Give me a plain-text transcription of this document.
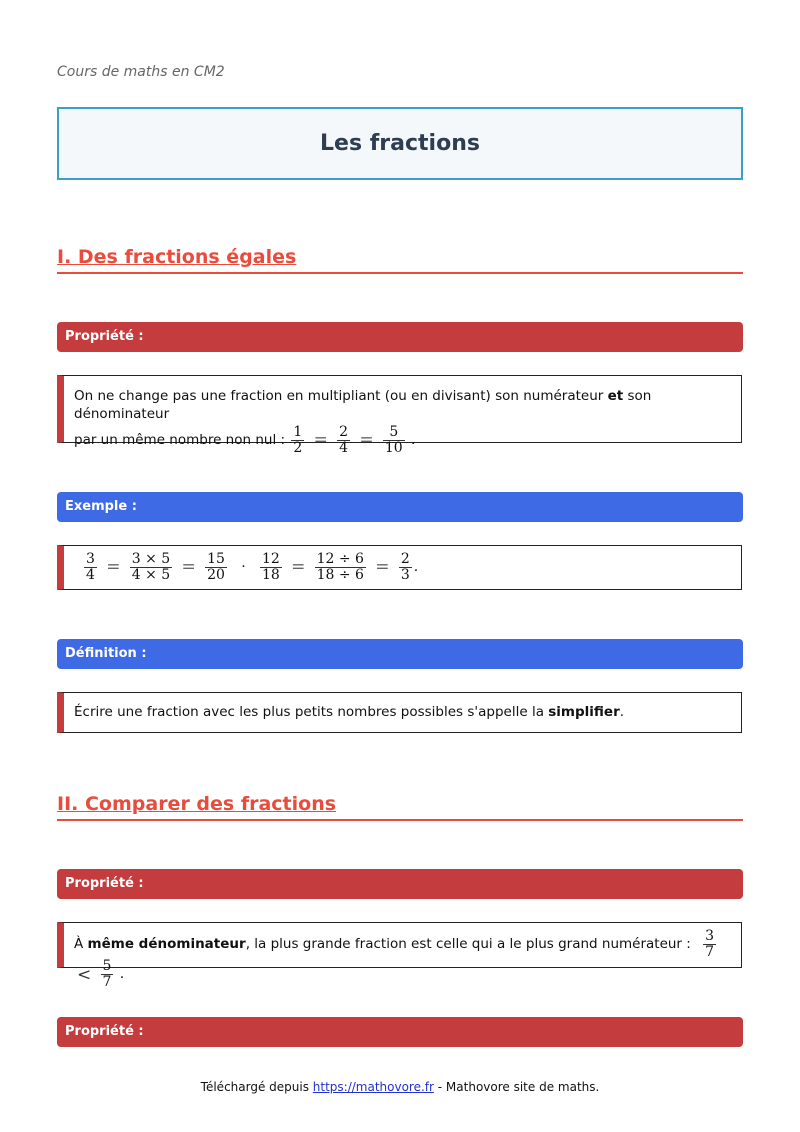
Cours de maths en CM2
Les fractions
I. Des fractions égales
Propriété :
On ne change pas une fraction en multipliant (ou en divisant) son numérateur et son dénominateur
par un même nombre non nul : $\frac{1}{2} = \frac{2}{4} = \frac{5}{10}$ .
Exemple :
$\frac{3}{4} = \frac{3 \times 5}{4 \times 5} = \frac{15}{20} \cdot \frac{12}{18} = \frac{12 \div 6}{18 \div 6} = \frac{2}{3}$ .
Définition :
Écrire une fraction avec les plus petits nombres possibles s'appelle la simplifier.
II. Comparer des fractions
Propriété :
À même dénominateur, la plus grande fraction est celle qui a le plus grand numérateur : $\frac{3}{7}$
< $\frac{5}{7}$ .
Propriété :
Téléchargé depuis https://mathovore.fr - Mathovore site de maths.
